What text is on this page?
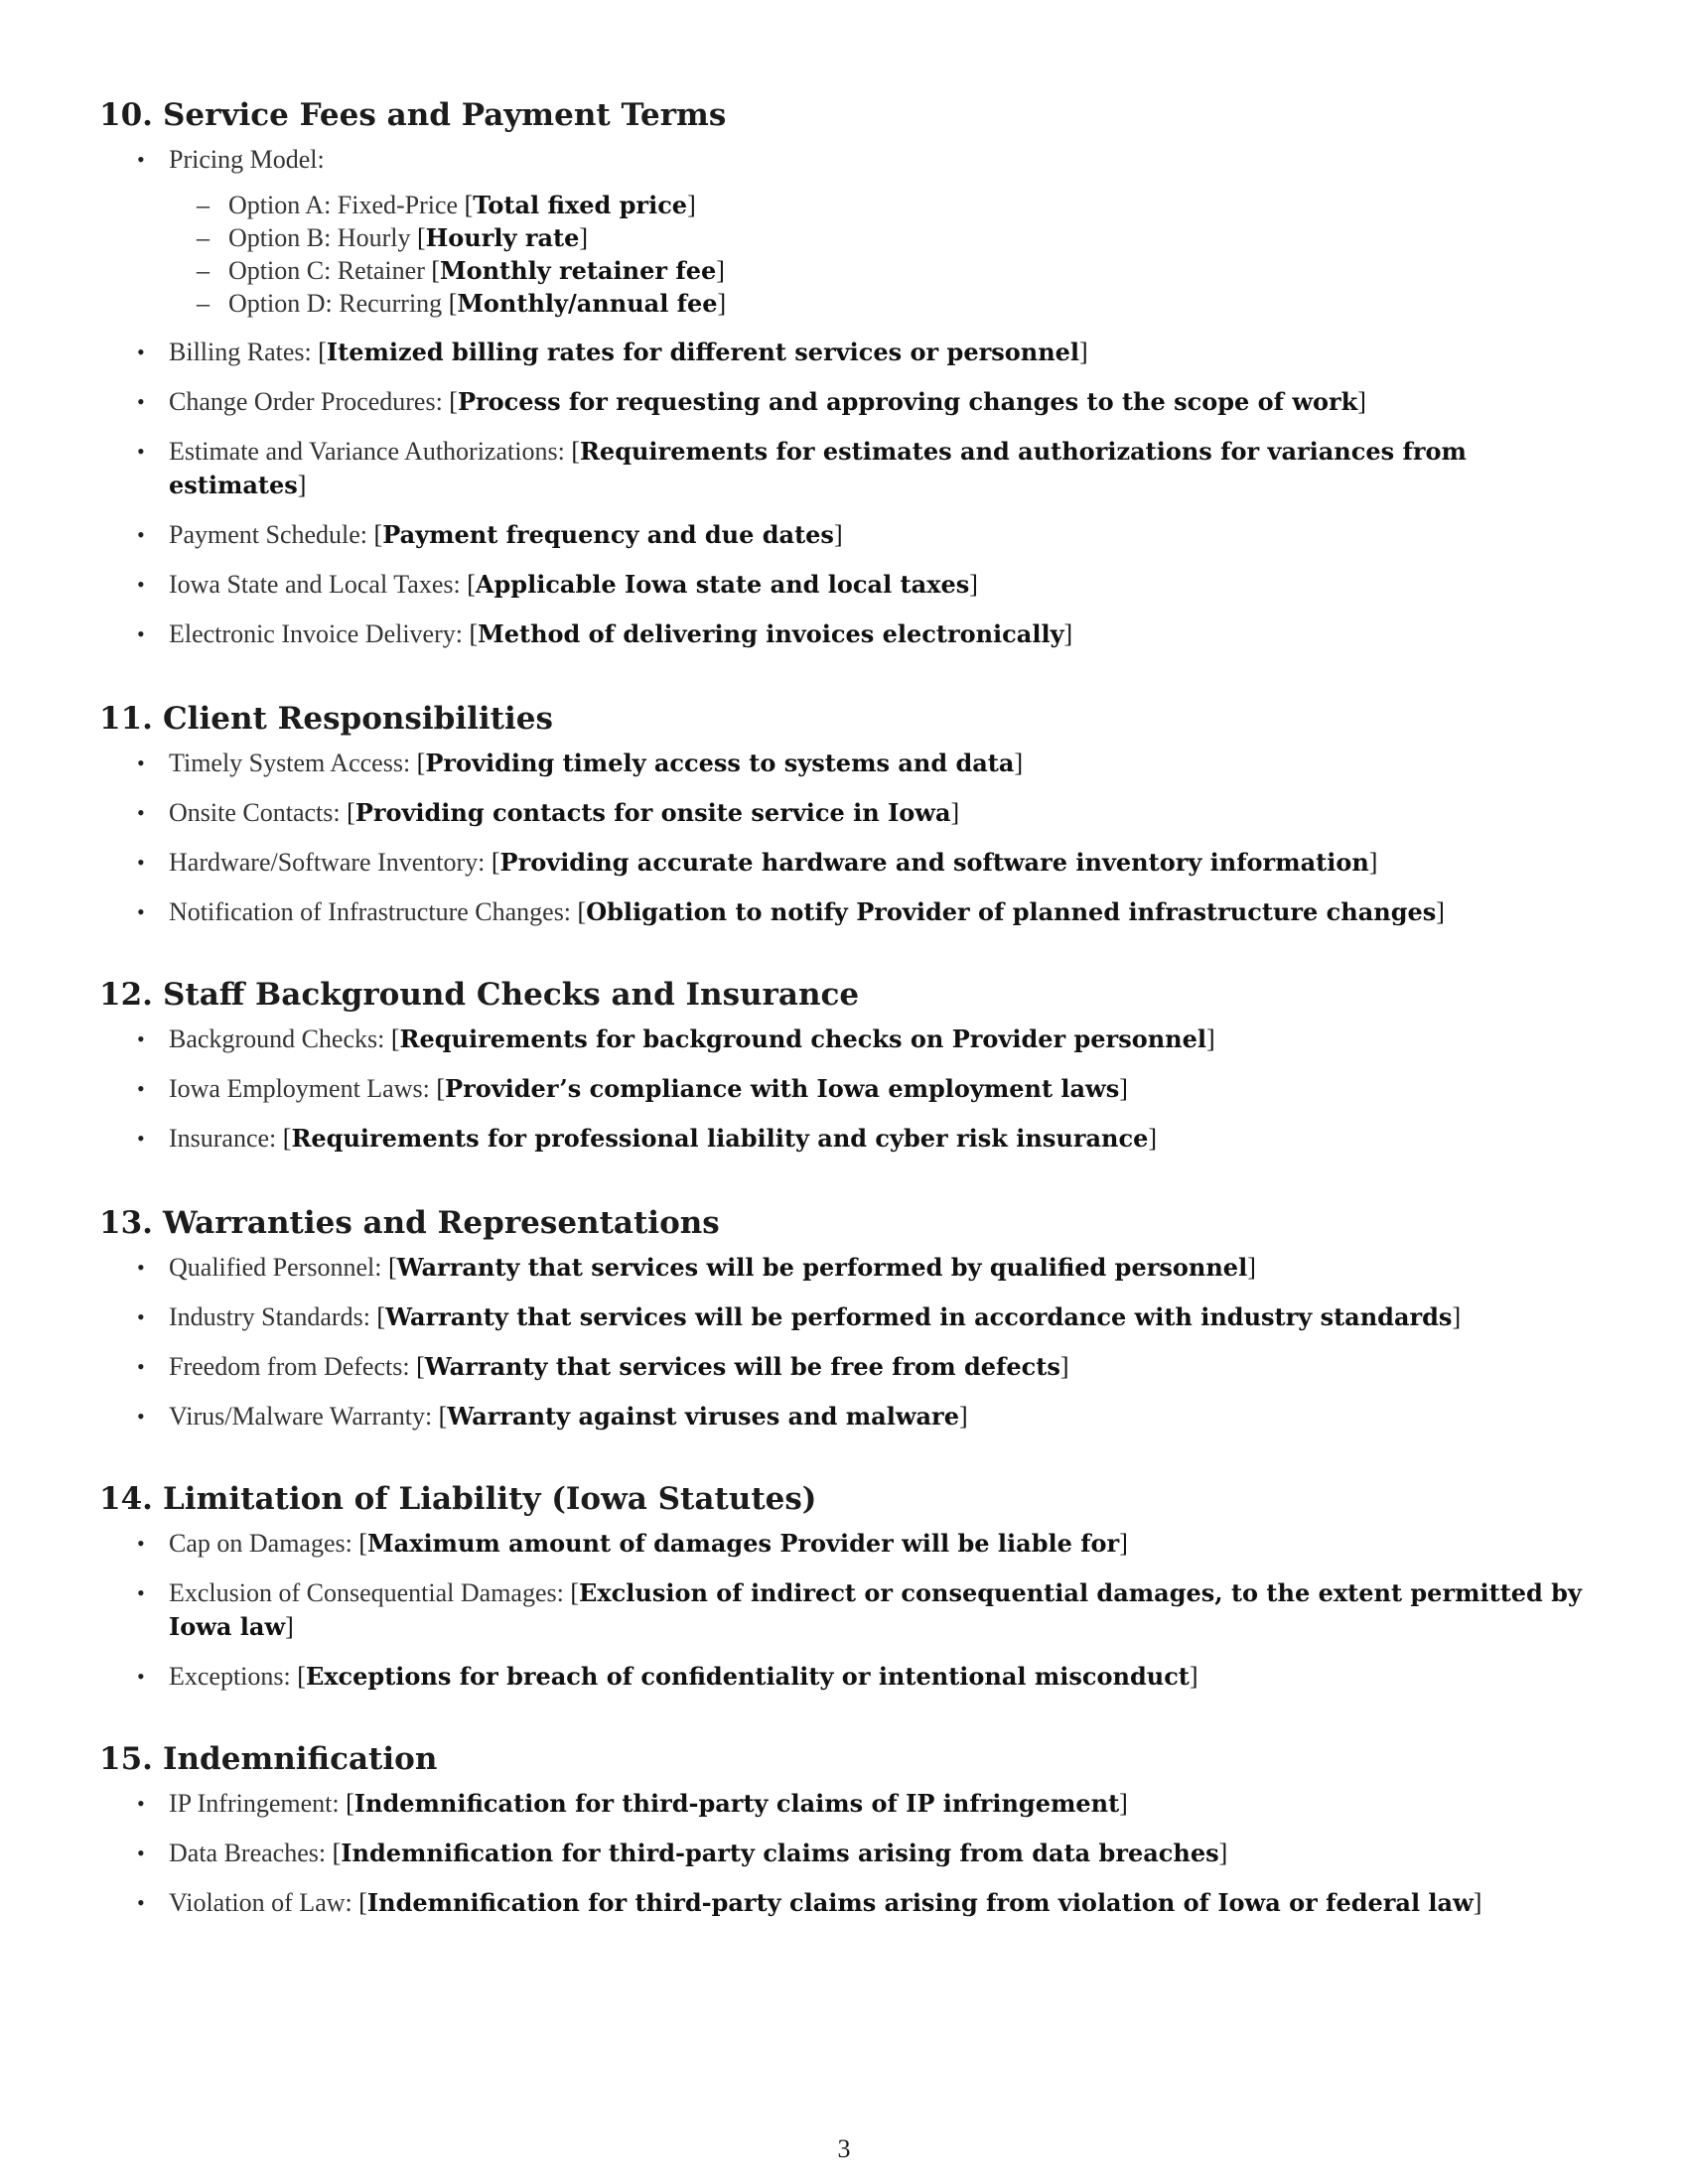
10. Service Fees and Payment Terms
• Pricing Model:
– Option A: Fixed-Price [Total fixed price]
– Option B: Hourly [Hourly rate]
– Option C: Retainer [Monthly retainer fee]
– Option D: Recurring [Monthly/annual fee]
• Billing Rates: [Itemized billing rates for different services or personnel]
• Change Order Procedures: [Process for requesting and approving changes to the scope of work]
• Estimate and Variance Authorizations: [Requirements for estimates and authorizations for variances from estimates]
• Payment Schedule: [Payment frequency and due dates]
• Iowa State and Local Taxes: [Applicable Iowa state and local taxes]
• Electronic Invoice Delivery: [Method of delivering invoices electronically]
11. Client Responsibilities
• Timely System Access: [Providing timely access to systems and data]
• Onsite Contacts: [Providing contacts for onsite service in Iowa]
• Hardware/Software Inventory: [Providing accurate hardware and software inventory information]
• Notification of Infrastructure Changes: [Obligation to notify Provider of planned infrastructure changes]
12. Staff Background Checks and Insurance
• Background Checks: [Requirements for background checks on Provider personnel]
• Iowa Employment Laws: [Provider’s compliance with Iowa employment laws]
• Insurance: [Requirements for professional liability and cyber risk insurance]
13. Warranties and Representations
• Qualified Personnel: [Warranty that services will be performed by qualified personnel]
• Industry Standards: [Warranty that services will be performed in accordance with industry standards]
• Freedom from Defects: [Warranty that services will be free from defects]
• Virus/Malware Warranty: [Warranty against viruses and malware]
14. Limitation of Liability (Iowa Statutes)
• Cap on Damages: [Maximum amount of damages Provider will be liable for]
• Exclusion of Consequential Damages: [Exclusion of indirect or consequential damages, to the extent permitted by Iowa law]
• Exceptions: [Exceptions for breach of confidentiality or intentional misconduct]
15. Indemnification
• IP Infringement: [Indemnification for third-party claims of IP infringement]
• Data Breaches: [Indemnification for third-party claims arising from data breaches]
• Violation of Law: [Indemnification for third-party claims arising from violation of Iowa or federal law]
3
